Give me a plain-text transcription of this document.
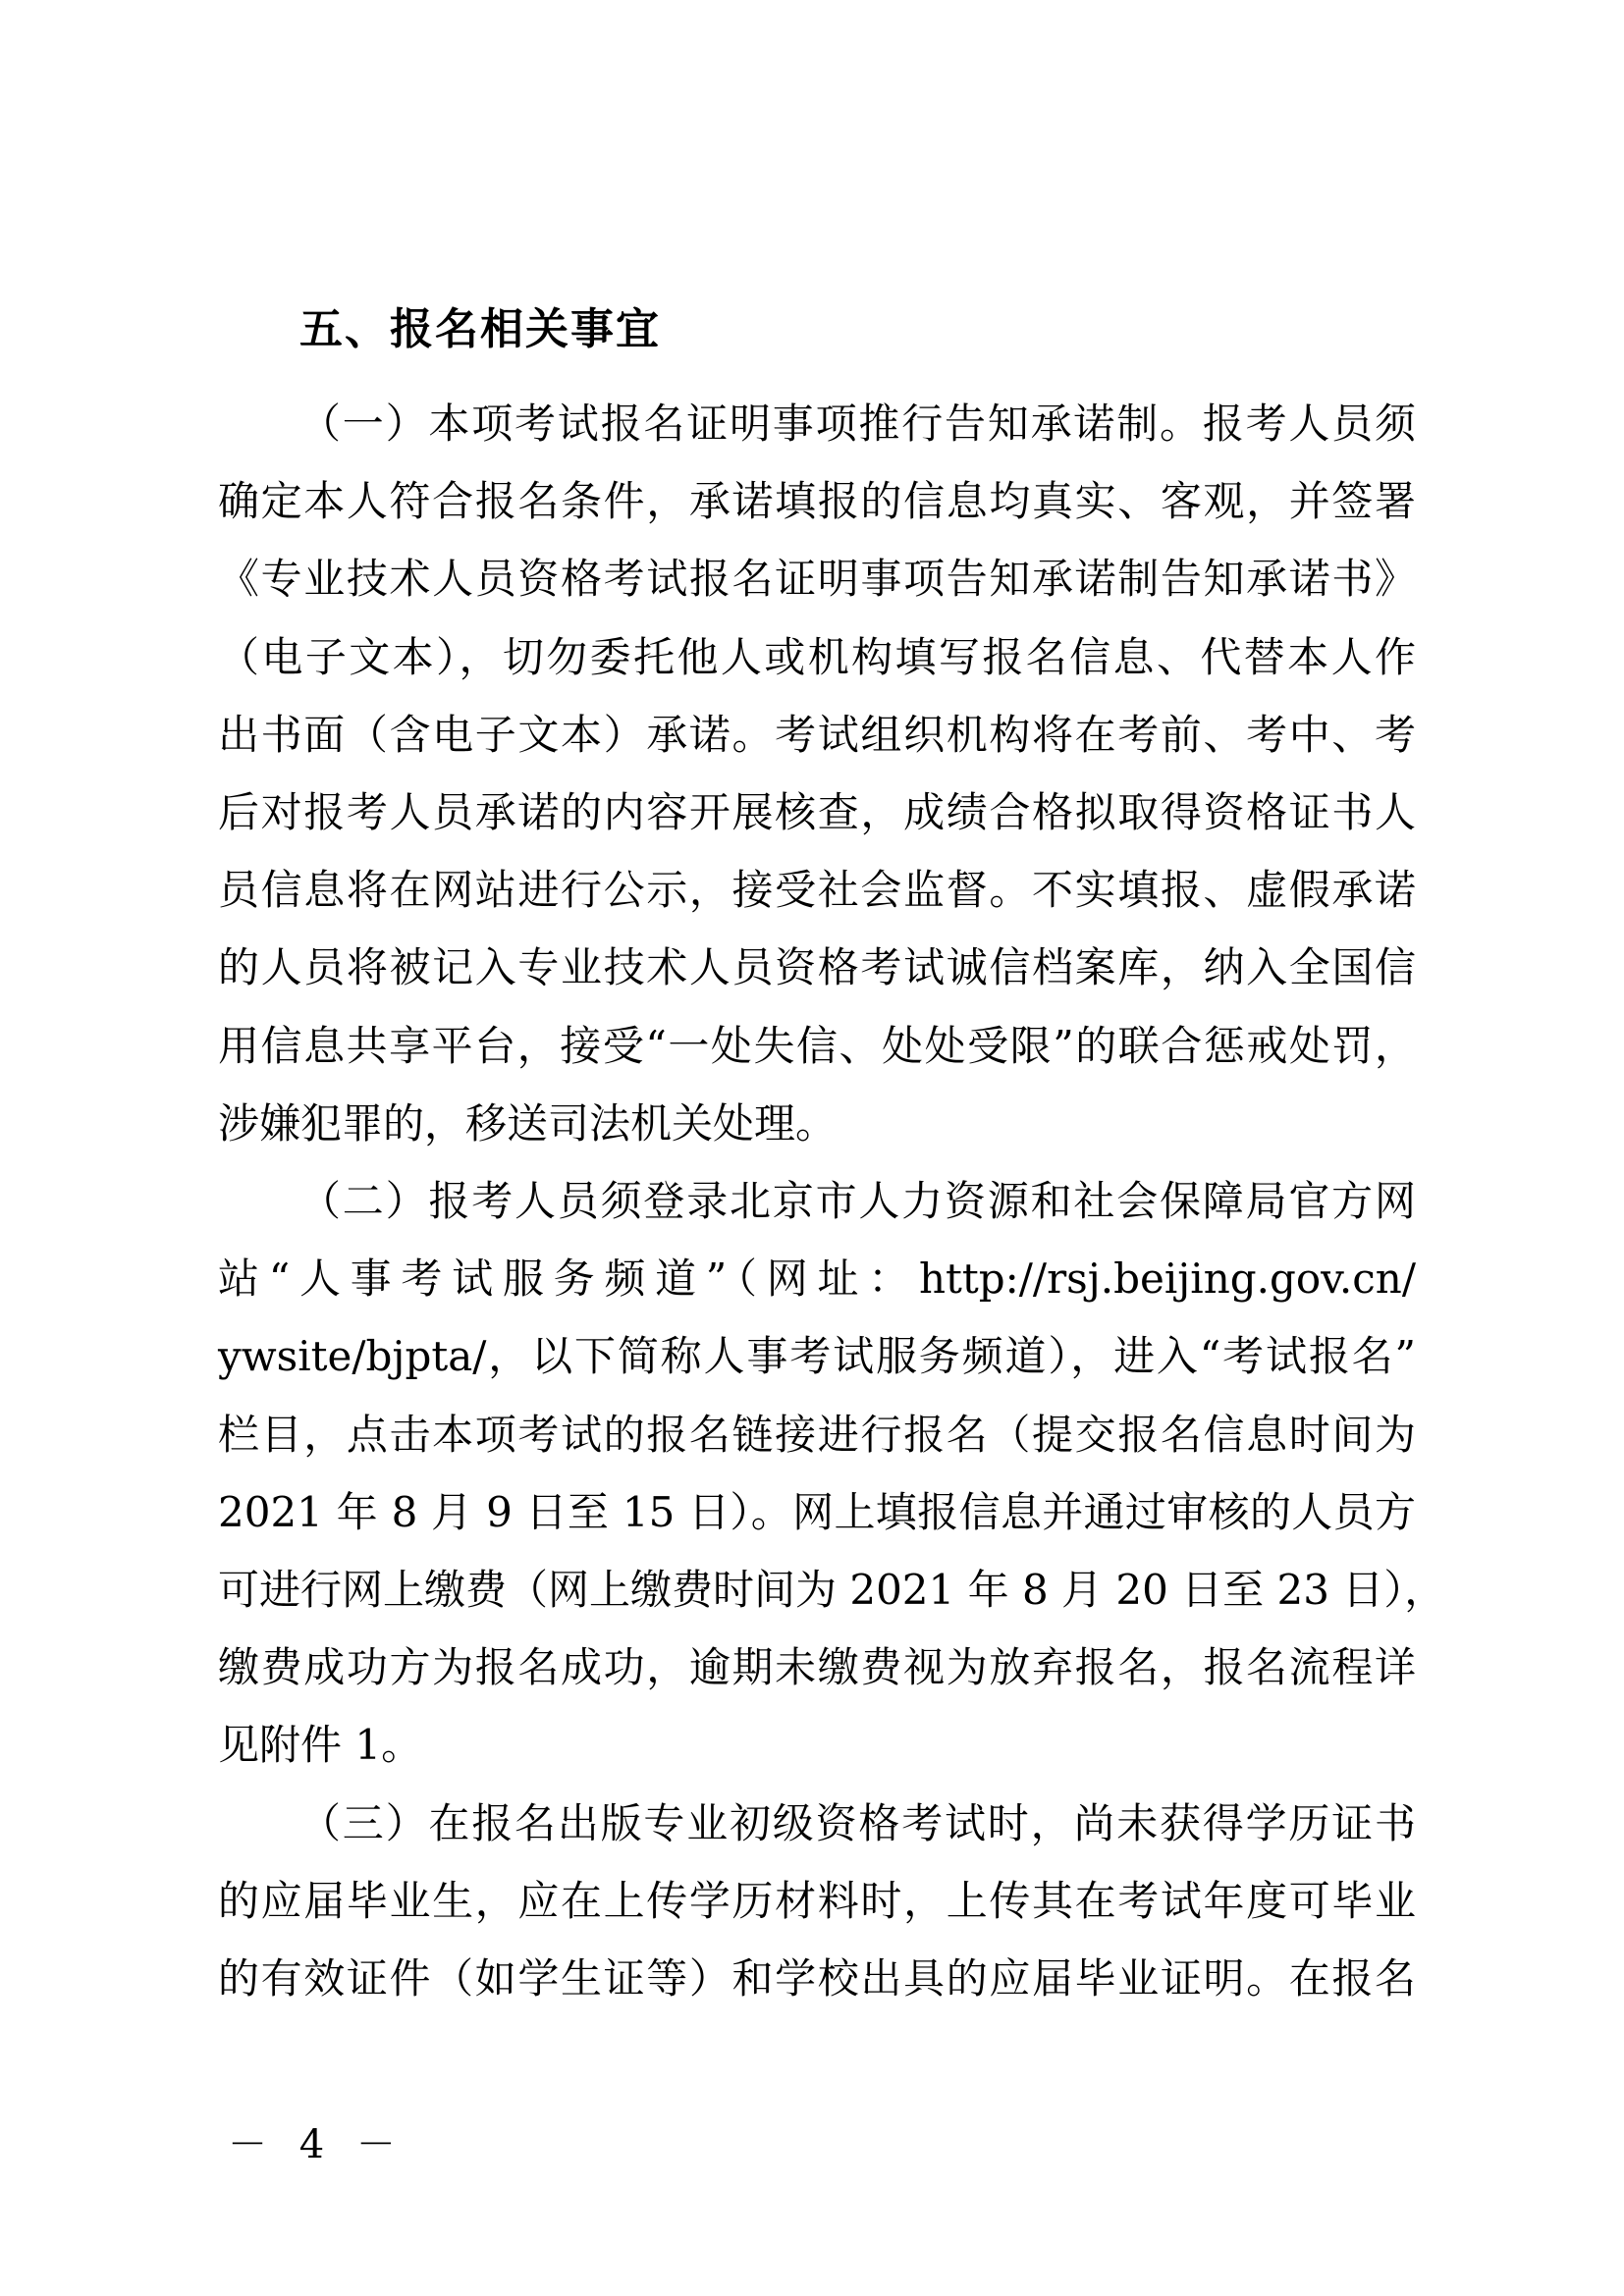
五、报名相关事宜
（一）本项考试报名证明事项推行告知承诺制。报考人员须
确定本人符合报名条件，承诺填报的信息均真实、客观，并签署
《专业技术人员资格考试报名证明事项告知承诺制告知承诺书》
（电子文本），切勿委托他人或机构填写报名信息、代替本人作
出书面（含电子文本）承诺。考试组织机构将在考前、考中、考
后对报考人员承诺的内容开展核查，成绩合格拟取得资格证书人
员信息将在网站进行公示，接受社会监督。不实填报、虚假承诺
的人员将被记入专业技术人员资格考试诚信档案库，纳入全国信
用信息共享平台，接受“一处失信、处处受限”的联合惩戒处罚，
涉嫌犯罪的，移送司法机关处理。
（二）报考人员须登录北京市人力资源和社会保障局官方网
站“人事考试服务频道”（网址：http://rsj.beijing.gov.cn/
ywsite/bjpta/，以下简称人事考试服务频道），进入“考试报名”
栏目，点击本项考试的报名链接进行报名（提交报名信息时间为
2021 年 8 月 9 日至 15 日）。网上填报信息并通过审核的人员方
可进行网上缴费（网上缴费时间为 2021 年 8 月 20 日至 23 日），
缴费成功方为报名成功，逾期未缴费视为放弃报名，报名流程详
见附件 1。
（三）在报名出版专业初级资格考试时，尚未获得学历证书
的应届毕业生，应在上传学历材料时，上传其在考试年度可毕业
的有效证件（如学生证等）和学校出具的应届毕业证明。在报名
－ 4 －
